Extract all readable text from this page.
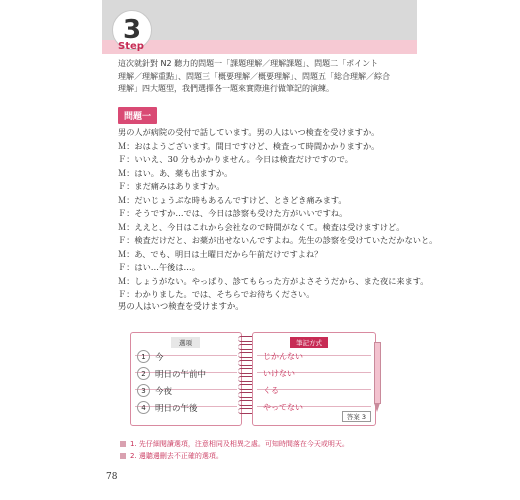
3
Step

這次就針對 N2 聽力的問題一「課題理解／理解課題」、問題二「ポイント

理解／理解重點」、問題三「概要理解／概要理解」、問題五「総合理解／綜合

理解」四大題型，我們選擇各一題來實際進行做筆記的演練。

問題一
男の人が病院の受付で話しています。男の人はいつ検査を受けますか。
Ｍ：おはようございます。間日ですけど、検査って時間かかりますか。
Ｆ：いいえ、30 分もかかりません。今日は検査だけですので。
Ｍ：はい。あ、薬も出ますか。
Ｆ：まだ痛みはありますか。
Ｍ：だいじょうぶな時もあるんですけど、ときどき痛みます。
Ｆ：そうですか…では、今日は診察も受けた方がいいですね。
Ｍ：ええと、今日はこれから会社なので時間がなくて。検査は受けますけど。
Ｆ：検査だけだと、お薬が出せないんですよね。先生の診察を受けていただかないと。
Ｍ：あ、でも、明日は土曜日だから午前だけですよね？
Ｆ：はい…午後は…。
Ｍ：しょうがない。やっぱり、診てもらった方がよさそうだから、また夜に来ます。
Ｆ：わかりました。では、そちらでお待ちください。
男の人はいつ検査を受けますか。
選項
1	今
2	明日の午前中
3	今夜
4	明日の午後
筆記方式
じかんない
いけない
くる
やってない
答案 3
1. 先仔細閱讀選項，注意相同及相異之處。可知時間落在今天或明天。
2. 邊聽邊刪去不正確的選項。
78
